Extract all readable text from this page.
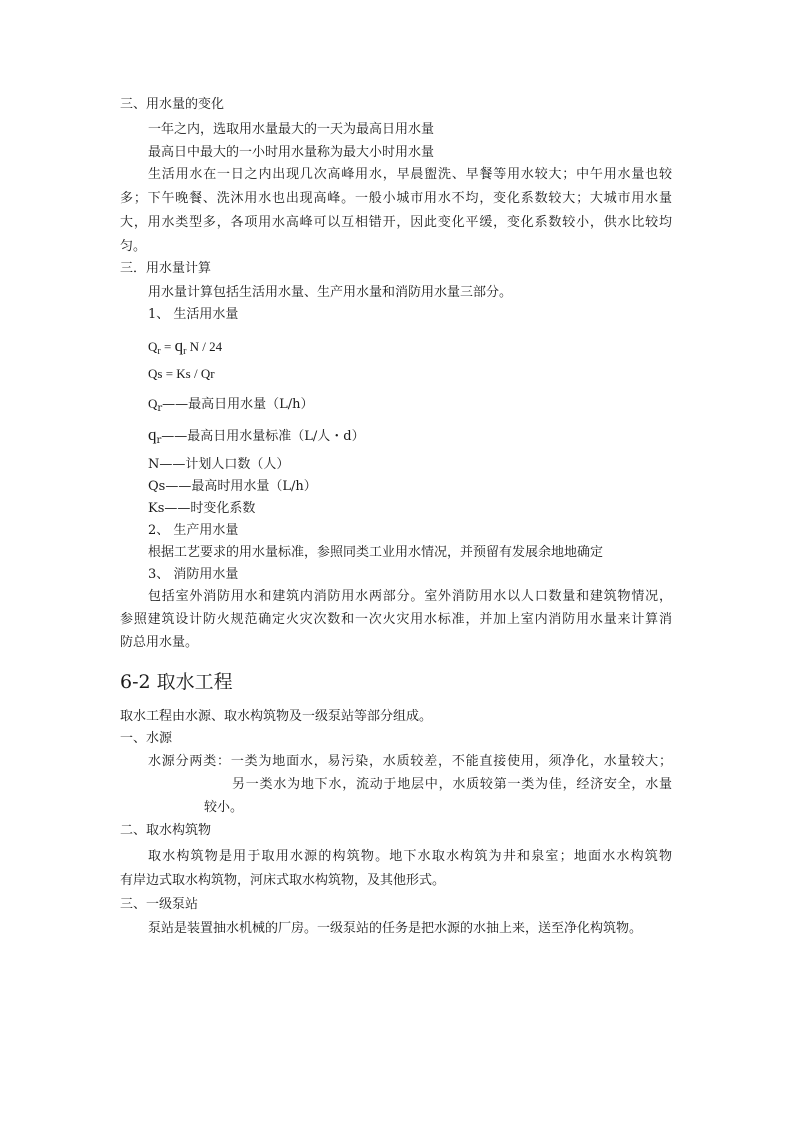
三、用水量的变化
一年之内，选取用水量最大的一天为最高日用水量
最高日中最大的一小时用水量称为最大小时用水量
生活用水在一日之内出现几次高峰用水，早晨盥洗、早餐等用水较大；中午用水量也较
多；下午晚餐、洗沐用水也出现高峰。一般小城市用水不均，变化系数较大；大城市用水量
大，用水类型多，各项用水高峰可以互相错开，因此变化平缓，变化系数较小，供水比较均
匀。
三．用水量计算
用水量计算包括生活用水量、生产用水量和消防用水量三部分。
1、 生活用水量
$Q_r = q_r$ N / 24
Qs = Ks / Qr
$Q_r——$最高日用水量（L/h）
$q_r——$最高日用水量标准（L/人・d）
N——计划人口数（人）
Qs——最高时用水量（L/h）
Ks——时变化系数
2、 生产用水量
根据工艺要求的用水量标准，参照同类工业用水情况，并预留有发展余地地确定
3、 消防用水量
包括室外消防用水和建筑内消防用水两部分。室外消防用水以人口数量和建筑物情况，
参照建筑设计防火规范确定火灾次数和一次火灾用水标准，并加上室内消防用水量来计算消
防总用水量。
6-2 取水工程
取水工程由水源、取水构筑物及一级泵站等部分组成。
一、水源
水源分两类：一类为地面水，易污染，水质较差，不能直接使用，须净化，水量较大；
另一类水为地下水，流动于地层中，水质较第一类为佳，经济安全，水量
较小。
二、取水构筑物
取水构筑物是用于取用水源的构筑物。地下水取水构筑为井和泉室；地面水水构筑物
有岸边式取水构筑物，河床式取水构筑物，及其他形式。
三、一级泵站
泵站是装置抽水机械的厂房。一级泵站的任务是把水源的水抽上来，送至净化构筑物。
